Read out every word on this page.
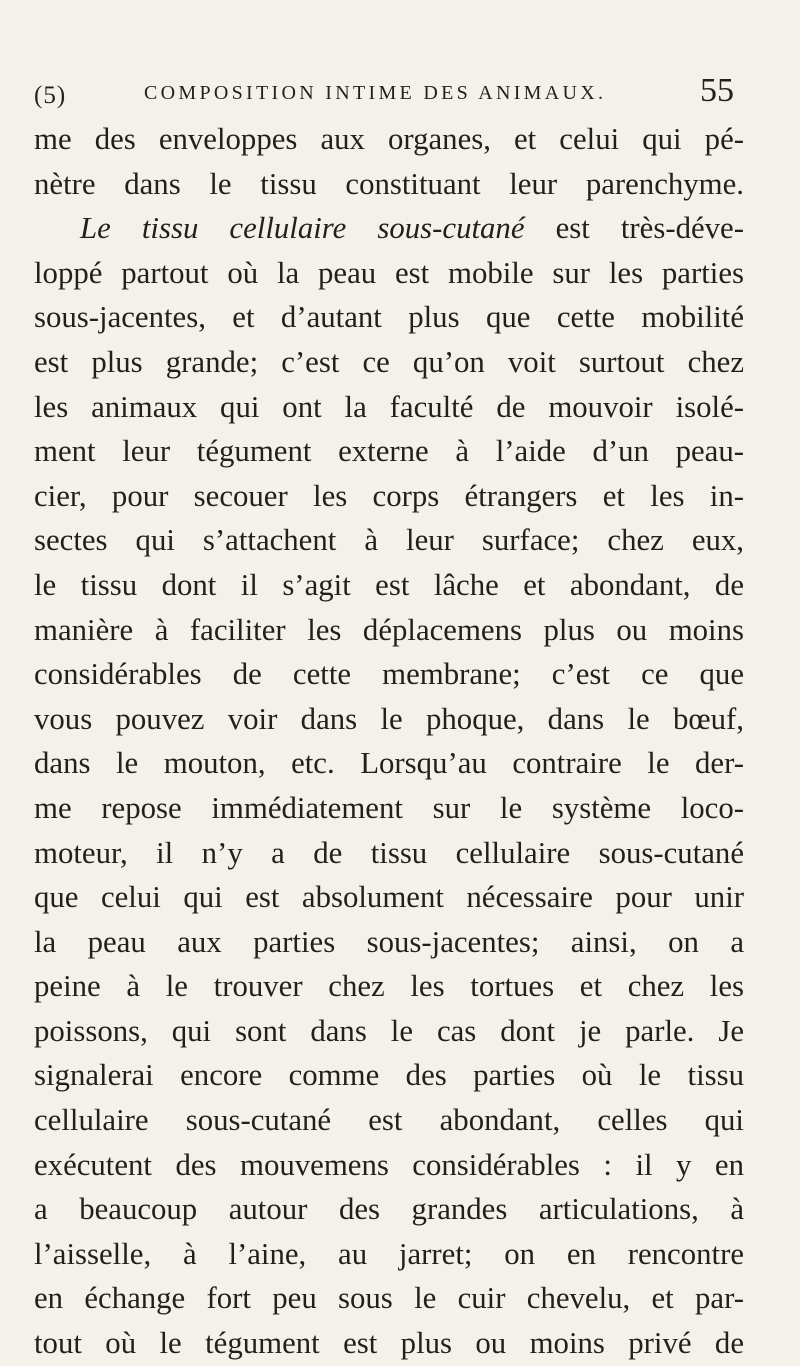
(5)	COMPOSITION INTIME DES ANIMAUX.	55
me des enveloppes aux organes, et celui qui pé-
nètre dans le tissu constituant leur parenchyme.
Le tissu cellulaire sous-cutané est très-déve-
loppé partout où la peau est mobile sur les parties
sous-jacentes, et d’autant plus que cette mobilité
est plus grande; c’est ce qu’on voit surtout chez
les animaux qui ont la faculté de mouvoir isolé-
ment leur tégument externe à l’aide d’un peau-
cier, pour secouer les corps étrangers et les in-
sectes qui s’attachent à leur surface; chez eux,
le tissu dont il s’agit est lâche et abondant, de
manière à faciliter les déplacemens plus ou moins
considérables de cette membrane; c’est ce que
vous pouvez voir dans le phoque, dans le bœuf,
dans le mouton, etc. Lorsqu’au contraire le der-
me repose immédiatement sur le système loco-
moteur, il n’y a de tissu cellulaire sous-cutané
que celui qui est absolument nécessaire pour unir
la peau aux parties sous-jacentes; ainsi, on a
peine à le trouver chez les tortues et chez les
poissons, qui sont dans le cas dont je parle. Je
signalerai encore comme des parties où le tissu
cellulaire sous-cutané est abondant, celles qui
exécutent des mouvemens considérables : il y en
a beaucoup autour des grandes articulations, à
l’aisselle, à l’aine, au jarret; on en rencontre
en échange fort peu sous le cuir chevelu, et par-
tout où le tégument est plus ou moins privé de
